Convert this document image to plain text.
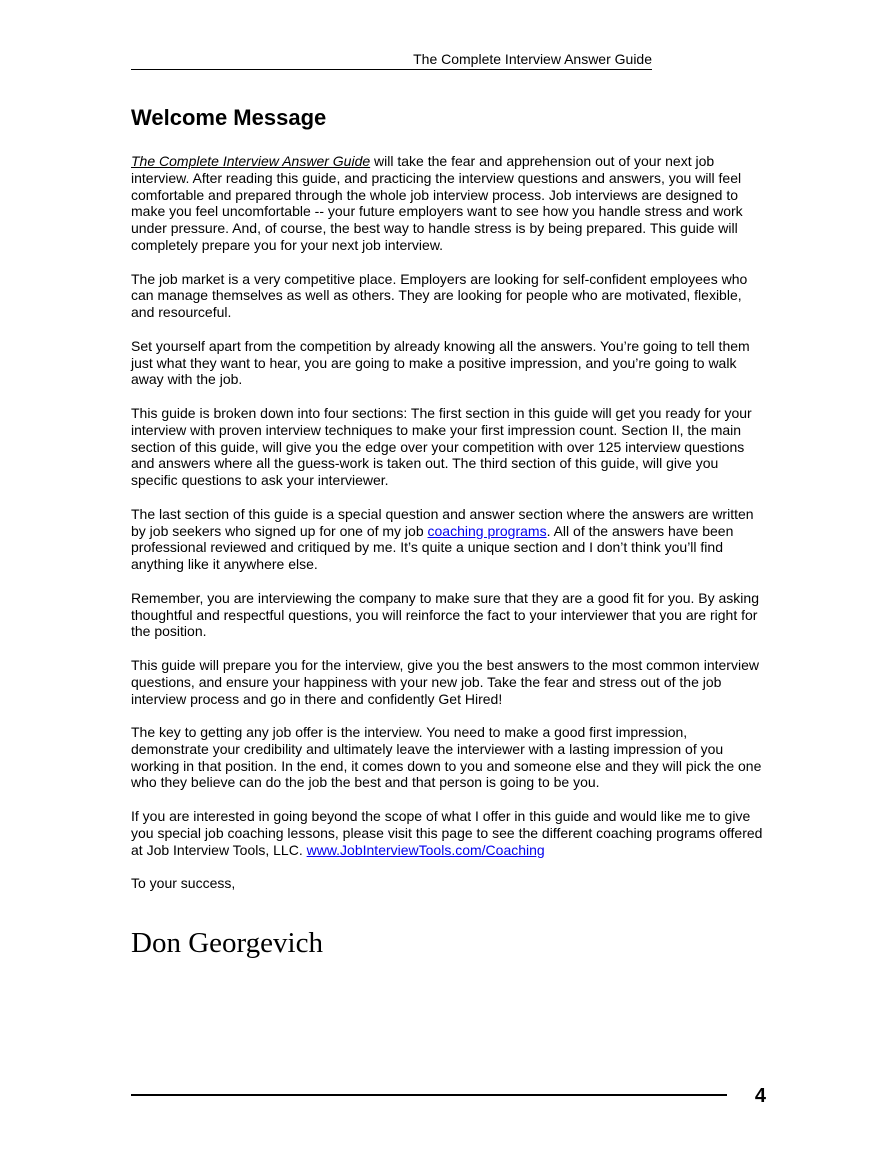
The Complete Interview Answer Guide
Welcome Message

The Complete Interview Answer Guide will take the fear and apprehension out of your next job interview. After reading this guide, and practicing the interview questions and answers, you will feel comfortable and prepared through the whole job interview process. Job interviews are designed to make you feel uncomfortable -- your future employers want to see how you handle stress and work under pressure. And, of course, the best way to handle stress is by being prepared. This guide will completely prepare you for your next job interview.

The job market is a very competitive place. Employers are looking for self-confident employees who can manage themselves as well as others. They are looking for people who are motivated, flexible, and resourceful.

Set yourself apart from the competition by already knowing all the answers. You’re going to tell them just what they want to hear, you are going to make a positive impression, and you’re going to walk away with the job.

This guide is broken down into four sections: The first section in this guide will get you ready for your interview with proven interview techniques to make your first impression count. Section II, the main section of this guide, will give you the edge over your competition with over 125 interview questions and answers where all the guess-work is taken out. The third section of this guide, will give you specific questions to ask your interviewer.

The last section of this guide is a special question and answer section where the answers are written by job seekers who signed up for one of my job coaching programs. All of the answers have been professional reviewed and critiqued by me. It’s quite a unique section and I don’t think you’ll find anything like it anywhere else.

Remember, you are interviewing the company to make sure that they are a good fit for you. By asking thoughtful and respectful questions, you will reinforce the fact to your interviewer that you are right for the position.

This guide will prepare you for the interview, give you the best answers to the most common interview questions, and ensure your happiness with your new job. Take the fear and stress out of the job interview process and go in there and confidently Get Hired!

The key to getting any job offer is the interview. You need to make a good first impression, demonstrate your credibility and ultimately leave the interviewer with a lasting impression of you working in that position. In the end, it comes down to you and someone else and they will pick the one who they believe can do the job the best and that person is going to be you.

If you are interested in going beyond the scope of what I offer in this guide and would like me to give you special job coaching lessons, please visit this page to see the different coaching programs offered at Job Interview Tools, LLC. www.JobInterviewTools.com/Coaching

To your success,

Don Georgevich
4
